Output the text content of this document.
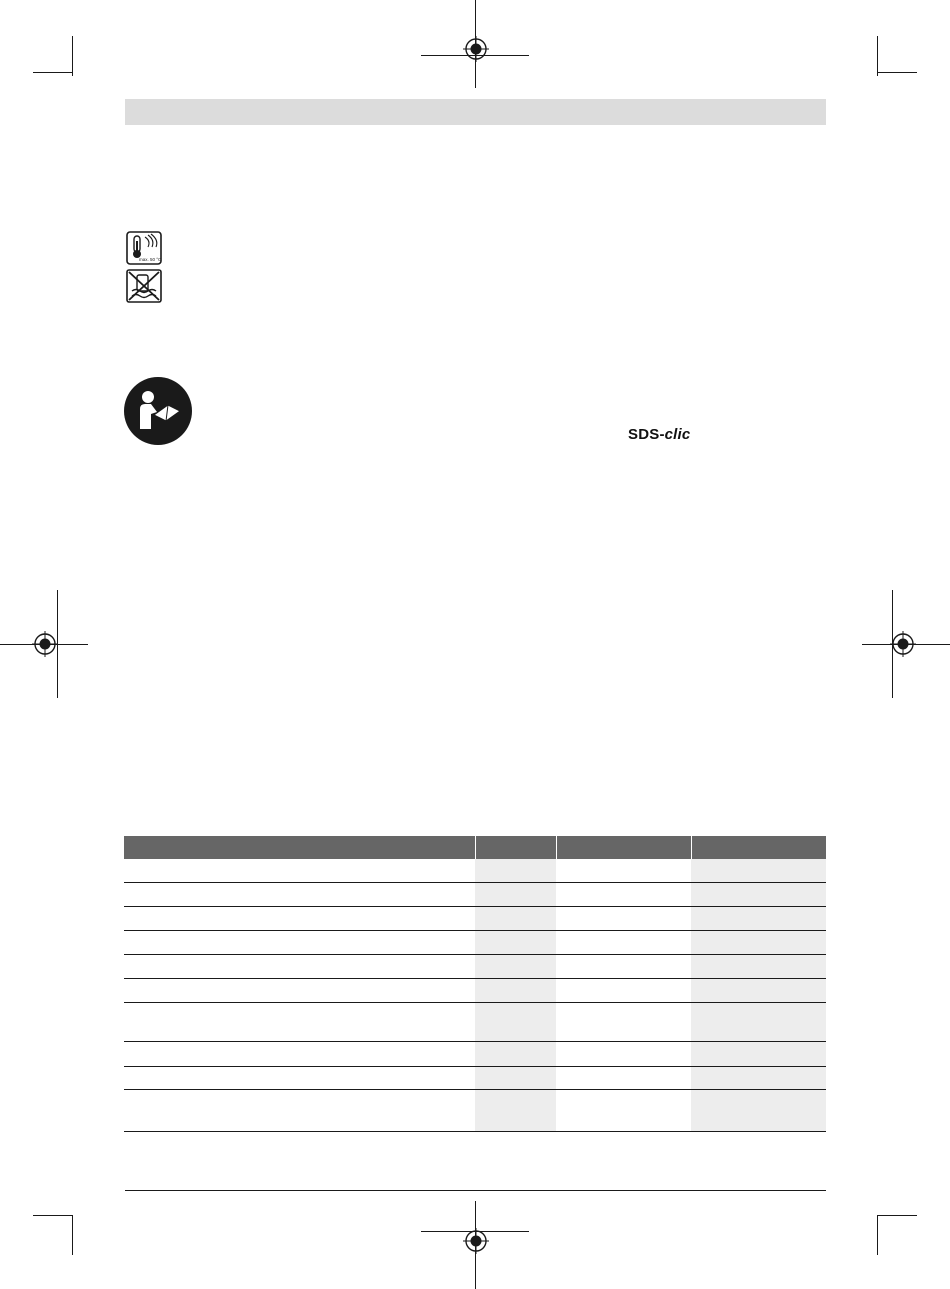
max. 50 °C
SDS-clic
